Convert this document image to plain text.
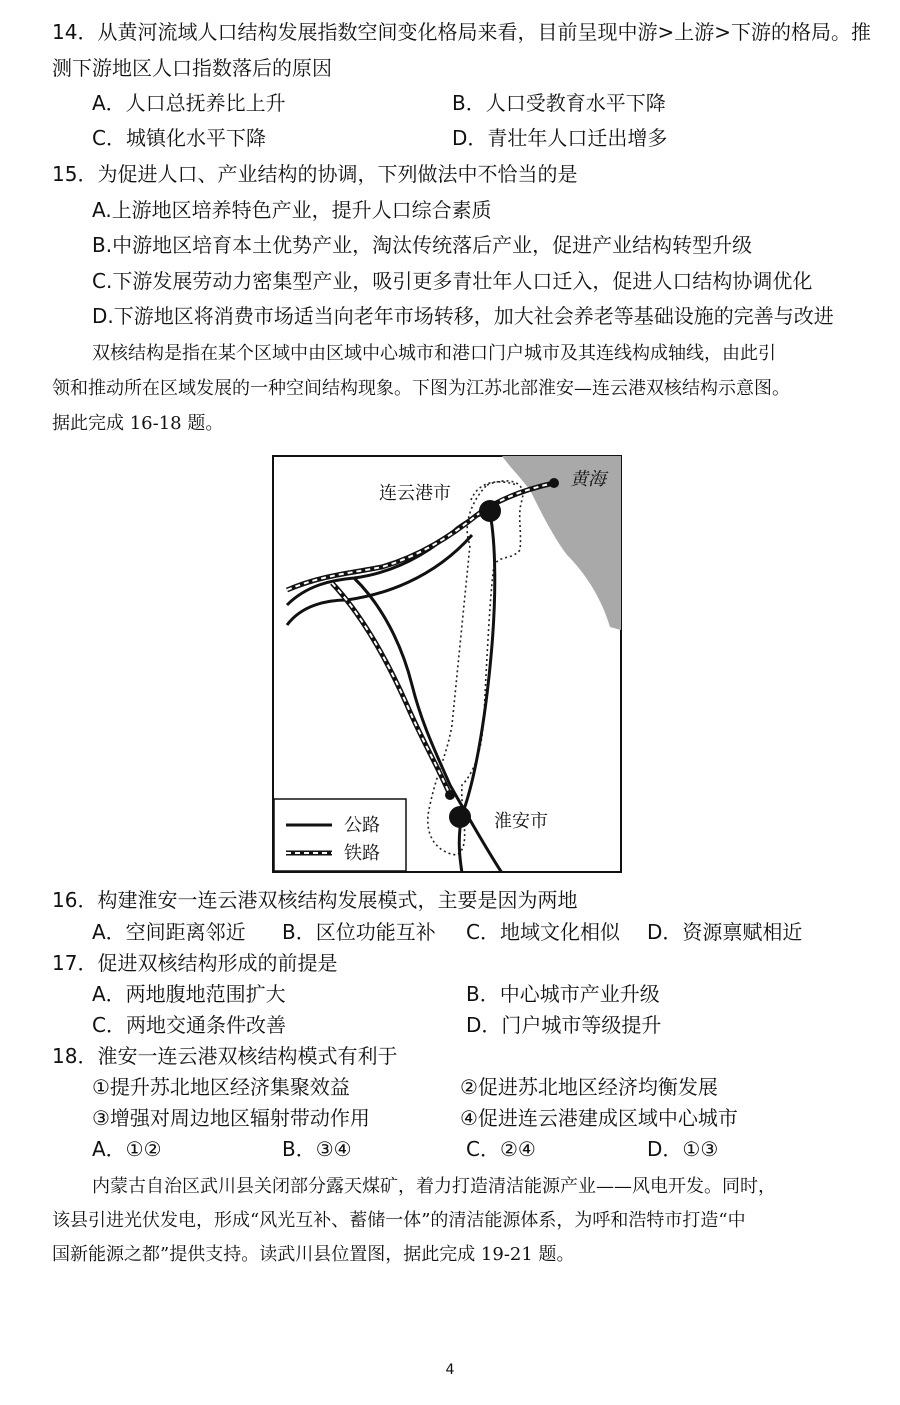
14．从黄河流域人口结构发展指数空间变化格局来看，目前呈现中游>上游>下游的格局。推
测下游地区人口指数落后的原因
A．人口总抚养比上升	B．人口受教育水平下降
C．城镇化水平下降	D．青壮年人口迁出增多
15．为促进人口、产业结构的协调，下列做法中不恰当的是
A.上游地区培养特色产业，提升人口综合素质
B.中游地区培育本土优势产业，淘汰传统落后产业，促进产业结构转型升级
C.下游发展劳动力密集型产业，吸引更多青壮年人口迁入，促进人口结构协调优化
D.下游地区将消费市场适当向老年市场转移，加大社会养老等基础设施的完善与改进
双核结构是指在某个区域中由区域中心城市和港口门户城市及其连线构成轴线，由此引
领和推动所在区域发展的一种空间结构现象。下图为江苏北部淮安—连云港双核结构示意图。
据此完成 16-18 题。
黄海
连云港市
淮安市
公路
铁路
16．构建淮安一连云港双核结构发展模式，主要是因为两地
A．空间距离邻近 B．区位功能互补 C．地域文化相似 D．资源禀赋相近
17．促进双核结构形成的前提是
A．两地腹地范围扩大	B．中心城市产业升级
C．两地交通条件改善	D．门户城市等级提升
18．淮安一连云港双核结构模式有利于
①提升苏北地区经济集聚效益	②促进苏北地区经济均衡发展
③增强对周边地区辐射带动作用	④促进连云港建成区域中心城市
A．①②	B．③④	C．②④	D．①③
内蒙古自治区武川县关闭部分露天煤矿，着力打造清洁能源产业——风电开发。同时，
该县引进光伏发电，形成“风光互补、蓄储一体”的清洁能源体系，为呼和浩特市打造“中
国新能源之都”提供支持。读武川县位置图，据此完成 19-21 题。
4
